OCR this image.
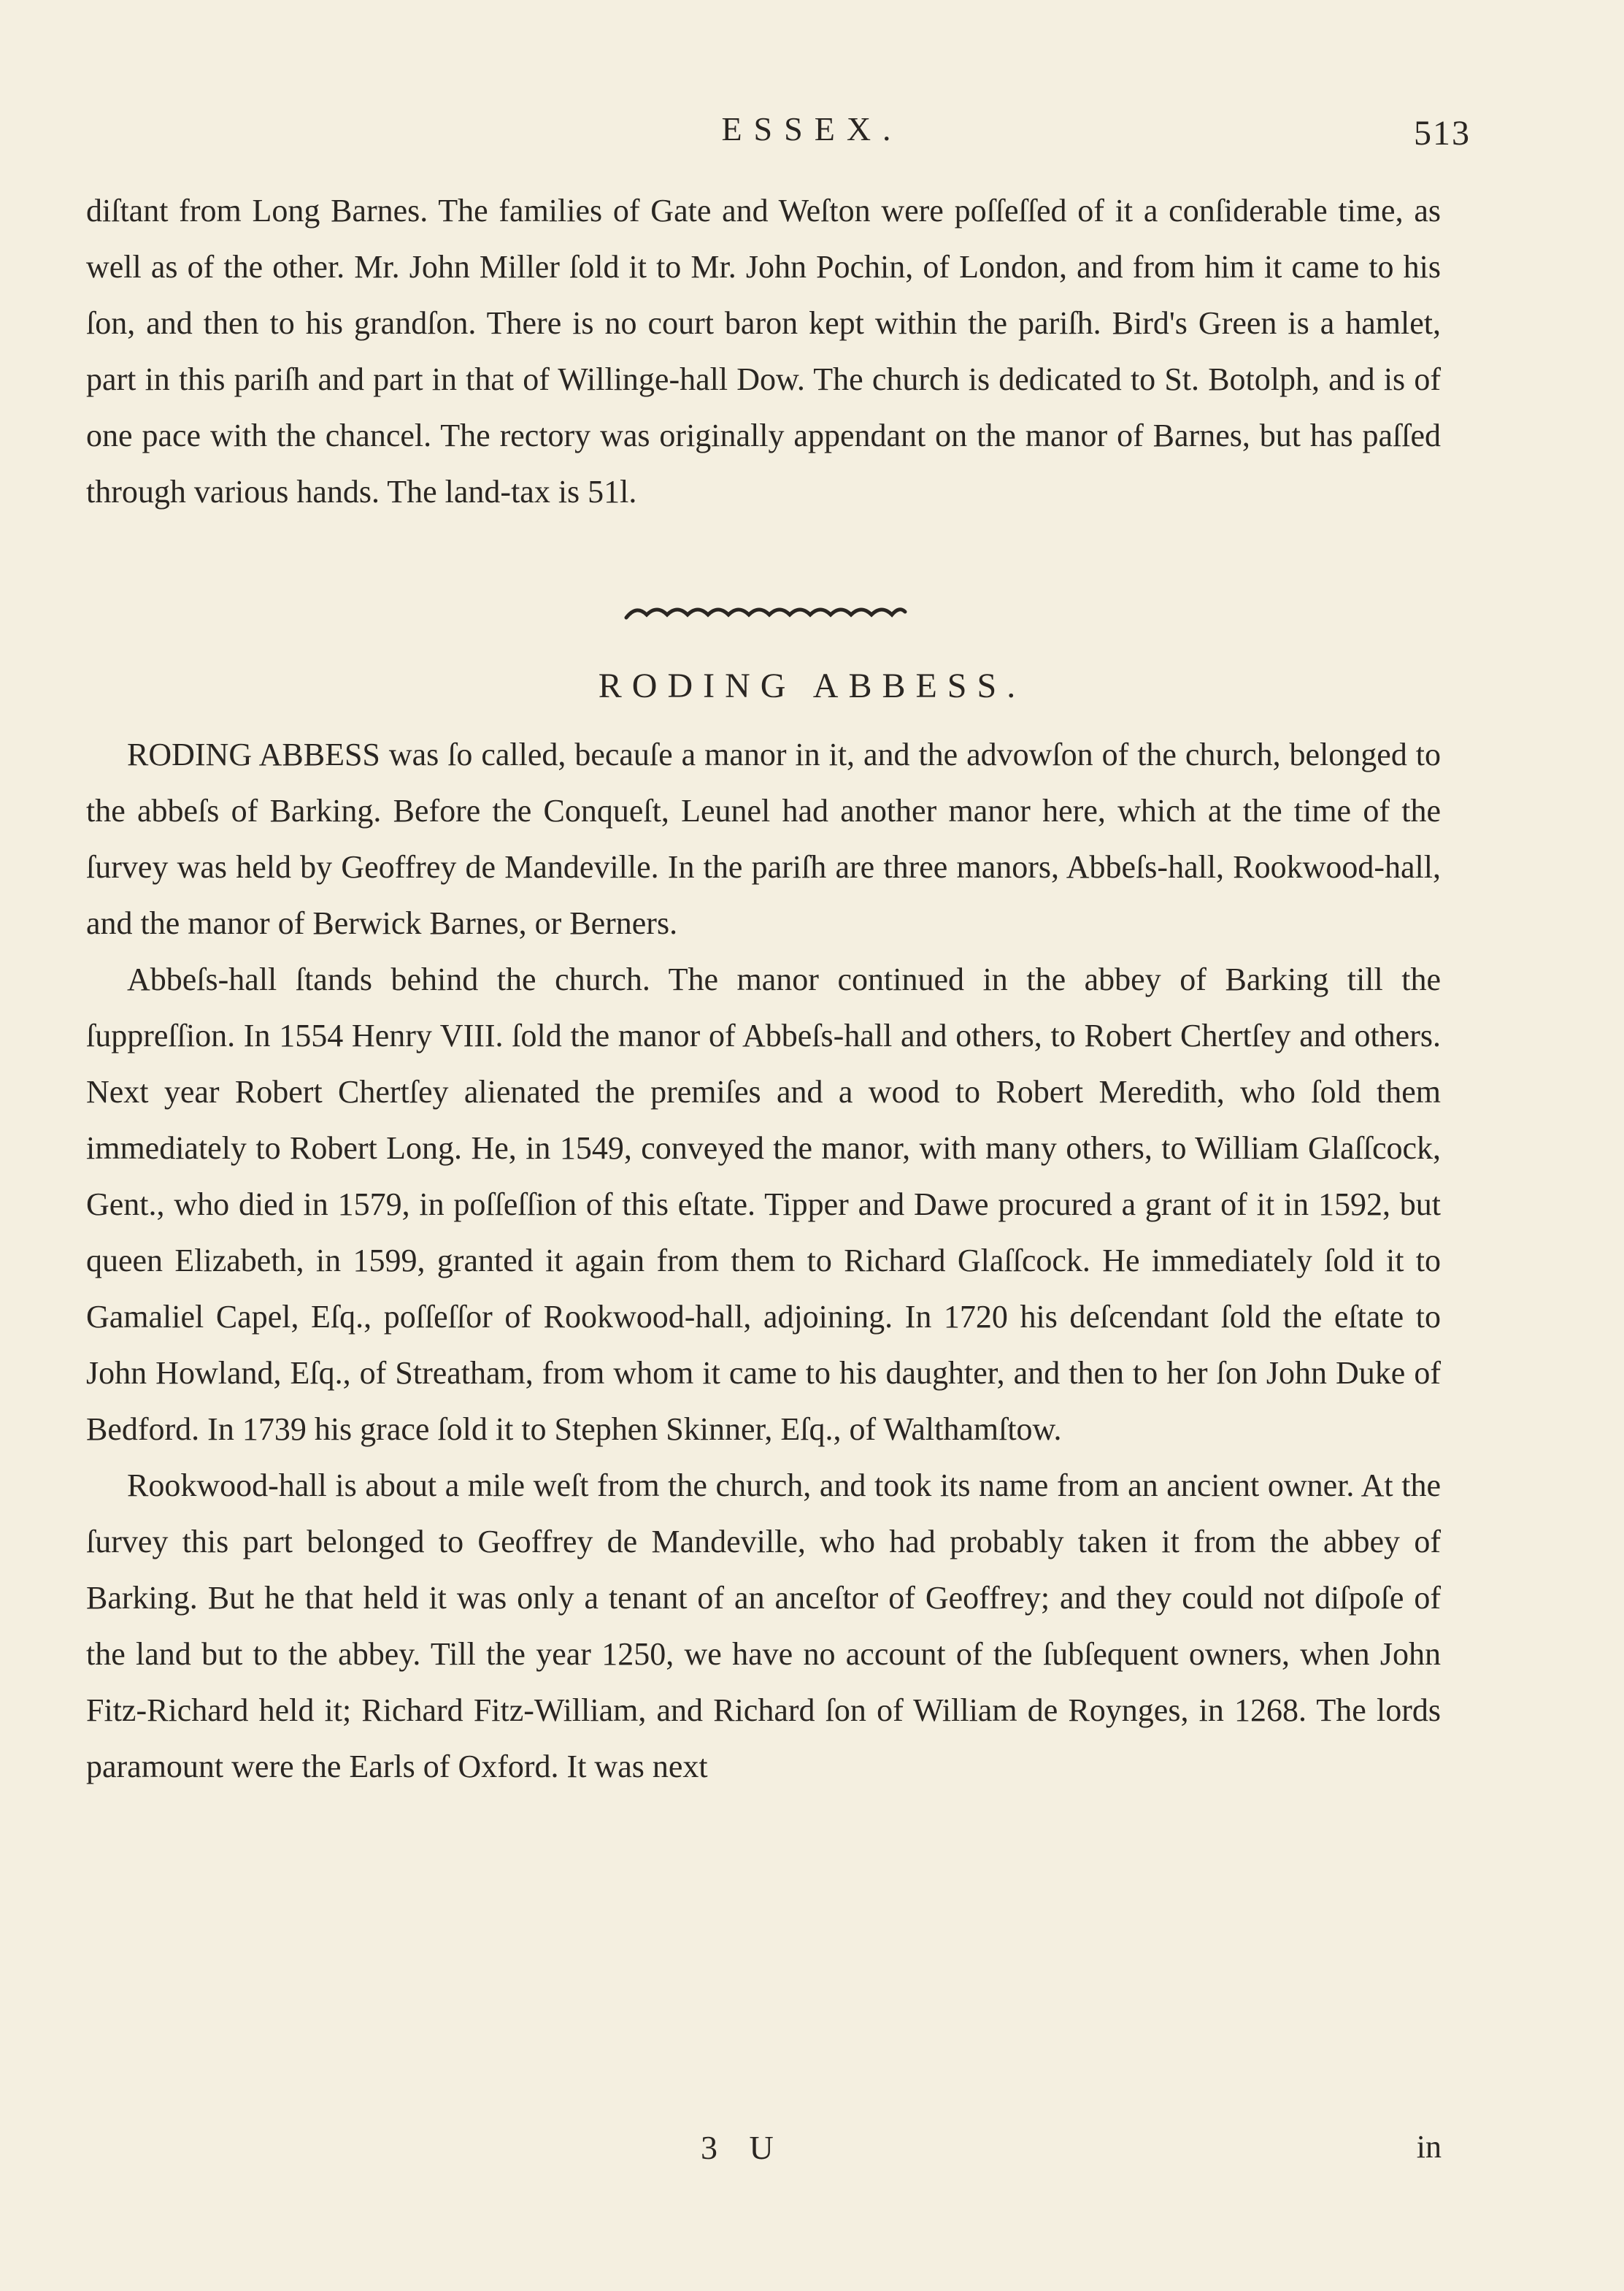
ESSEX.	513

diſtant from Long Barnes. The families of Gate and Weſton were poſſeſſed of it a conſiderable time, as well as of the other. Mr. John Miller ſold it to Mr. John Pochin, of London, and from him it came to his ſon, and then to his grandſon. There is no court baron kept within the pariſh. Bird's Green is a hamlet, part in this pariſh and part in that of Willinge-hall Dow. The church is dedicated to St. Botolph, and is of one pace with the chancel. The rectory was originally appendant on the manor of Barnes, but has paſſed through various hands. The land-tax is 51l.

RODING ABBESS.

RODING ABBESS was ſo called, becauſe a manor in it, and the advowſon of the church, belonged to the abbeſs of Barking. Before the Conqueſt, Leunel had another manor here, which at the time of the ſurvey was held by Geoffrey de Mandeville. In the pariſh are three manors, Abbeſs-hall, Rookwood-hall, and the manor of Berwick Barnes, or Berners.

Abbeſs-hall ſtands behind the church. The manor continued in the abbey of Barking till the ſuppreſſion. In 1554 Henry VIII. ſold the manor of Abbeſs-hall and others, to Robert Chertſey and others. Next year Robert Chertſey alienated the premiſes and a wood to Robert Meredith, who ſold them immediately to Robert Long. He, in 1549, conveyed the manor, with many others, to William Glaſſcock, Gent., who died in 1579, in poſſeſſion of this eſtate. Tipper and Dawe procured a grant of it in 1592, but queen Elizabeth, in 1599, granted it again from them to Richard Glaſſcock. He immediately ſold it to Gamaliel Capel, Eſq., poſſeſſor of Rookwood-hall, adjoining. In 1720 his deſcendant ſold the eſtate to John Howland, Eſq., of Streatham, from whom it came to his daughter, and then to her ſon John Duke of Bedford. In 1739 his grace ſold it to Stephen Skinner, Eſq., of Walthamſtow.

Rookwood-hall is about a mile weſt from the church, and took its name from an ancient owner. At the ſurvey this part belonged to Geoffrey de Mandeville, who had probably taken it from the abbey of Barking. But he that held it was only a tenant of an anceſtor of Geoffrey; and they could not diſpoſe of the land but to the abbey. Till the year 1250, we have no account of the ſubſequent owners, when John Fitz-Richard held it; Richard Fitz-William, and Richard ſon of William de Roynges, in 1268. The lords paramount were the Earls of Oxford. It was next

3 U	in
